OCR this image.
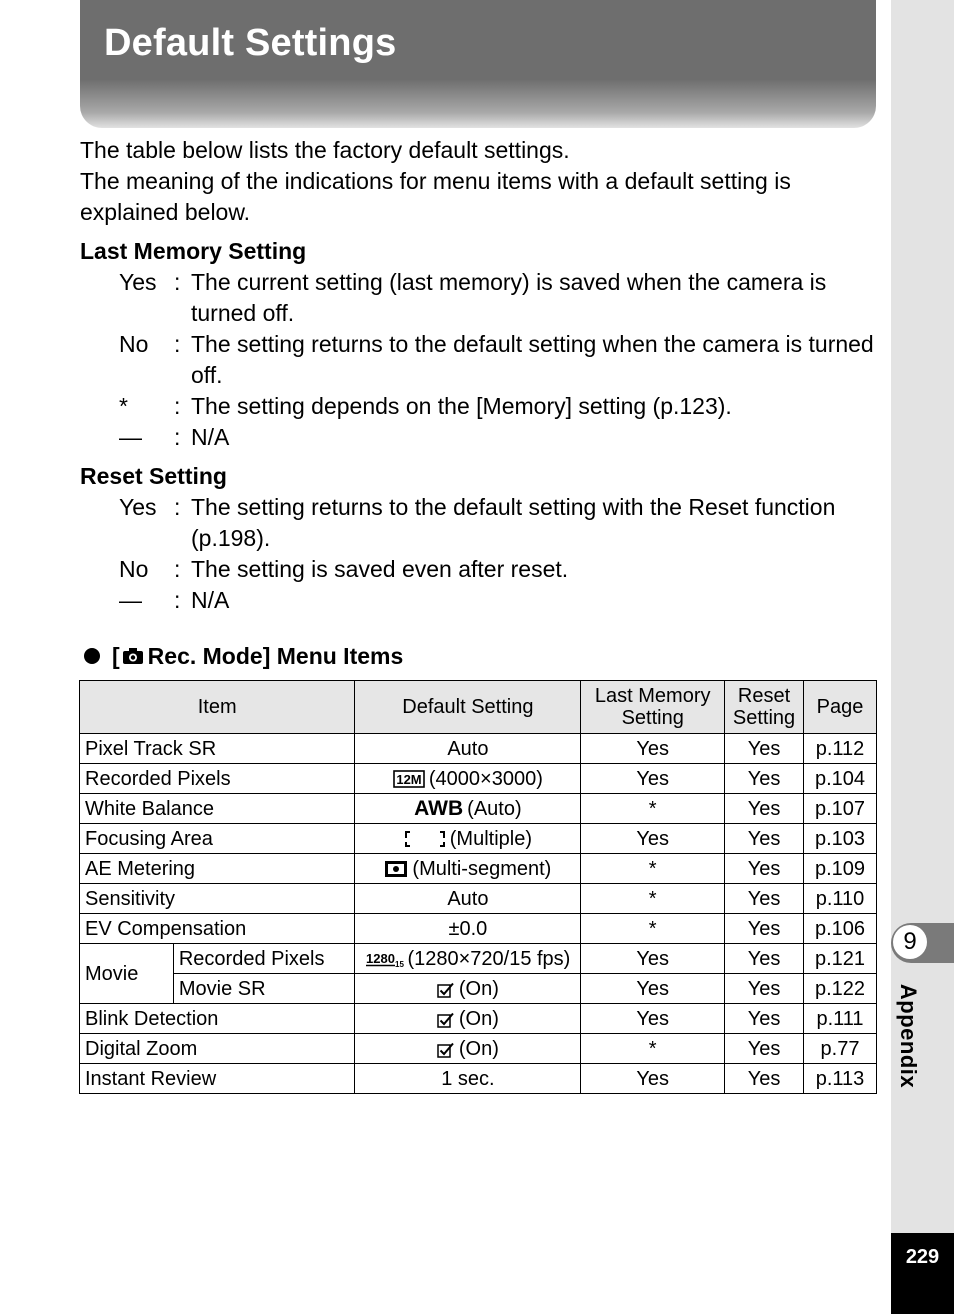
Default Settings
9
Appendix
229

The table below lists the factory default settings.

The meaning of the indications for menu items with a default setting is explained below.

Last Memory Setting

Yes : The current setting (last memory) is saved when the camera is turned off.
No	: The setting returns to the default setting when the camera is turned off.
*	: The setting depends on the [Memory] setting (p.123).
—	: N/A

Reset Setting

Yes : The setting returns to the default setting with the Reset function (p.198).
No	: The setting is saved even after reset.
—	: N/A
[ Rec. Mode] Menu Items
Item		Default Setting	Last Memory Setting	Reset Setting	Page
Pixel Track SR		Auto	Yes	Yes	p.112
Recorded Pixels		12M (4000×3000)	Yes	Yes	p.104
White Balance		AWB (Auto)	*	Yes	p.107
Focusing Area		(Multiple)	Yes	Yes	p.103
AE Metering		(Multi-segment)	*	Yes	p.109
Sensitivity		Auto	*	Yes	p.110
EV Compensation		±0.0	*	Yes	p.106
Movie	Recorded Pixels	1280 15 (1280×720/15 fps)	Yes	Yes	p.121
	Movie SR	(On)	Yes	Yes	p.122
Blink Detection		(On)	Yes	Yes	p.111
Digital Zoom		(On)	*	Yes	p.77
Instant Review		1 sec.	Yes	Yes	p.113
